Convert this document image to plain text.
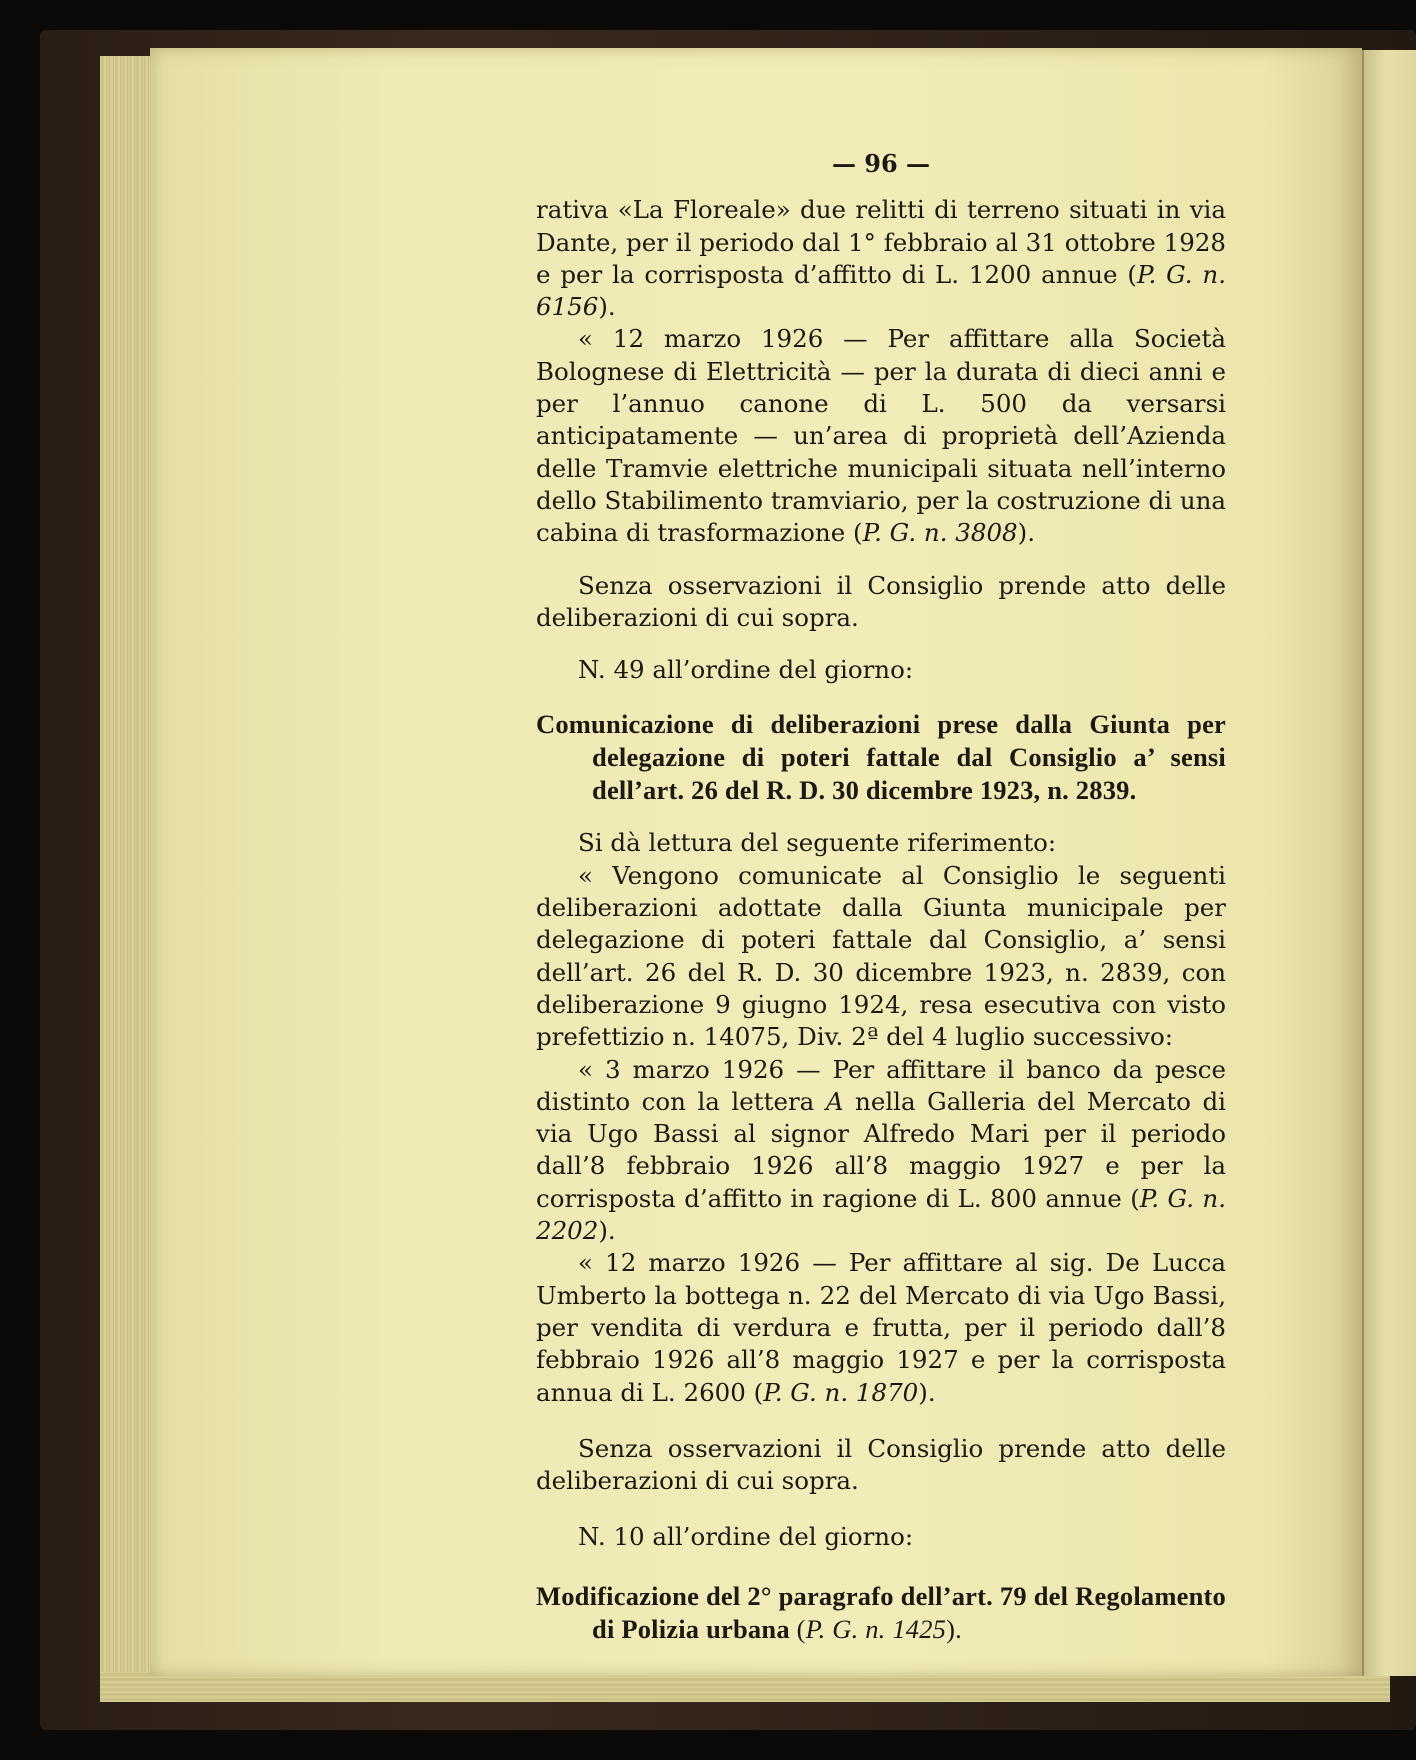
— 96 —

rativa «La Floreale» due relitti di terreno situati in via Dante, per il periodo dal 1° febbraio al 31 ottobre 1928 e per la corrisposta d’affitto di L. 1200 annue (P. G. n. 6156).

« 12 marzo 1926 — Per affittare alla Società Bolognese di Elettricità — per la durata di dieci anni e per l’annuo canone di L. 500 da versarsi anticipatamente — un’area di proprietà dell’Azienda delle Tramvie elettriche municipali situata nell’interno dello Stabilimento tramviario, per la costruzione di una cabina di trasformazione (P. G. n. 3808).

Senza osservazioni il Consiglio prende atto delle deliberazioni di cui sopra.

N. 49 all’ordine del giorno:

Comunicazione di deliberazioni prese dalla Giunta per delegazione di poteri fattale dal Consiglio a’ sensi dell’art. 26 del R. D. 30 dicembre 1923, n. 2839.

Si dà lettura del seguente riferimento:

« Vengono comunicate al Consiglio le seguenti deliberazioni adottate dalla Giunta municipale per delegazione di poteri fattale dal Consiglio, a’ sensi dell’art. 26 del R. D. 30 dicembre 1923, n. 2839, con deliberazione 9 giugno 1924, resa esecutiva con visto prefettizio n. 14075, Div. 2ª del 4 luglio successivo:

« 3 marzo 1926 — Per affittare il banco da pesce distinto con la lettera A nella Galleria del Mercato di via Ugo Bassi al signor Alfredo Mari per il periodo dall’8 febbraio 1926 all’8 maggio 1927 e per la corrisposta d’affitto in ragione di L. 800 annue (P. G. n. 2202).

« 12 marzo 1926 — Per affittare al sig. De Lucca Umberto la bottega n. 22 del Mercato di via Ugo Bassi, per vendita di verdura e frutta, per il periodo dall’8 febbraio 1926 all’8 maggio 1927 e per la corrisposta annua di L. 2600 (P. G. n. 1870).

Senza osservazioni il Consiglio prende atto delle deliberazioni di cui sopra.

N. 10 all’ordine del giorno:

Modificazione del 2° paragrafo dell’art. 79 del Regolamento di Polizia urbana (P. G. n. 1425).
